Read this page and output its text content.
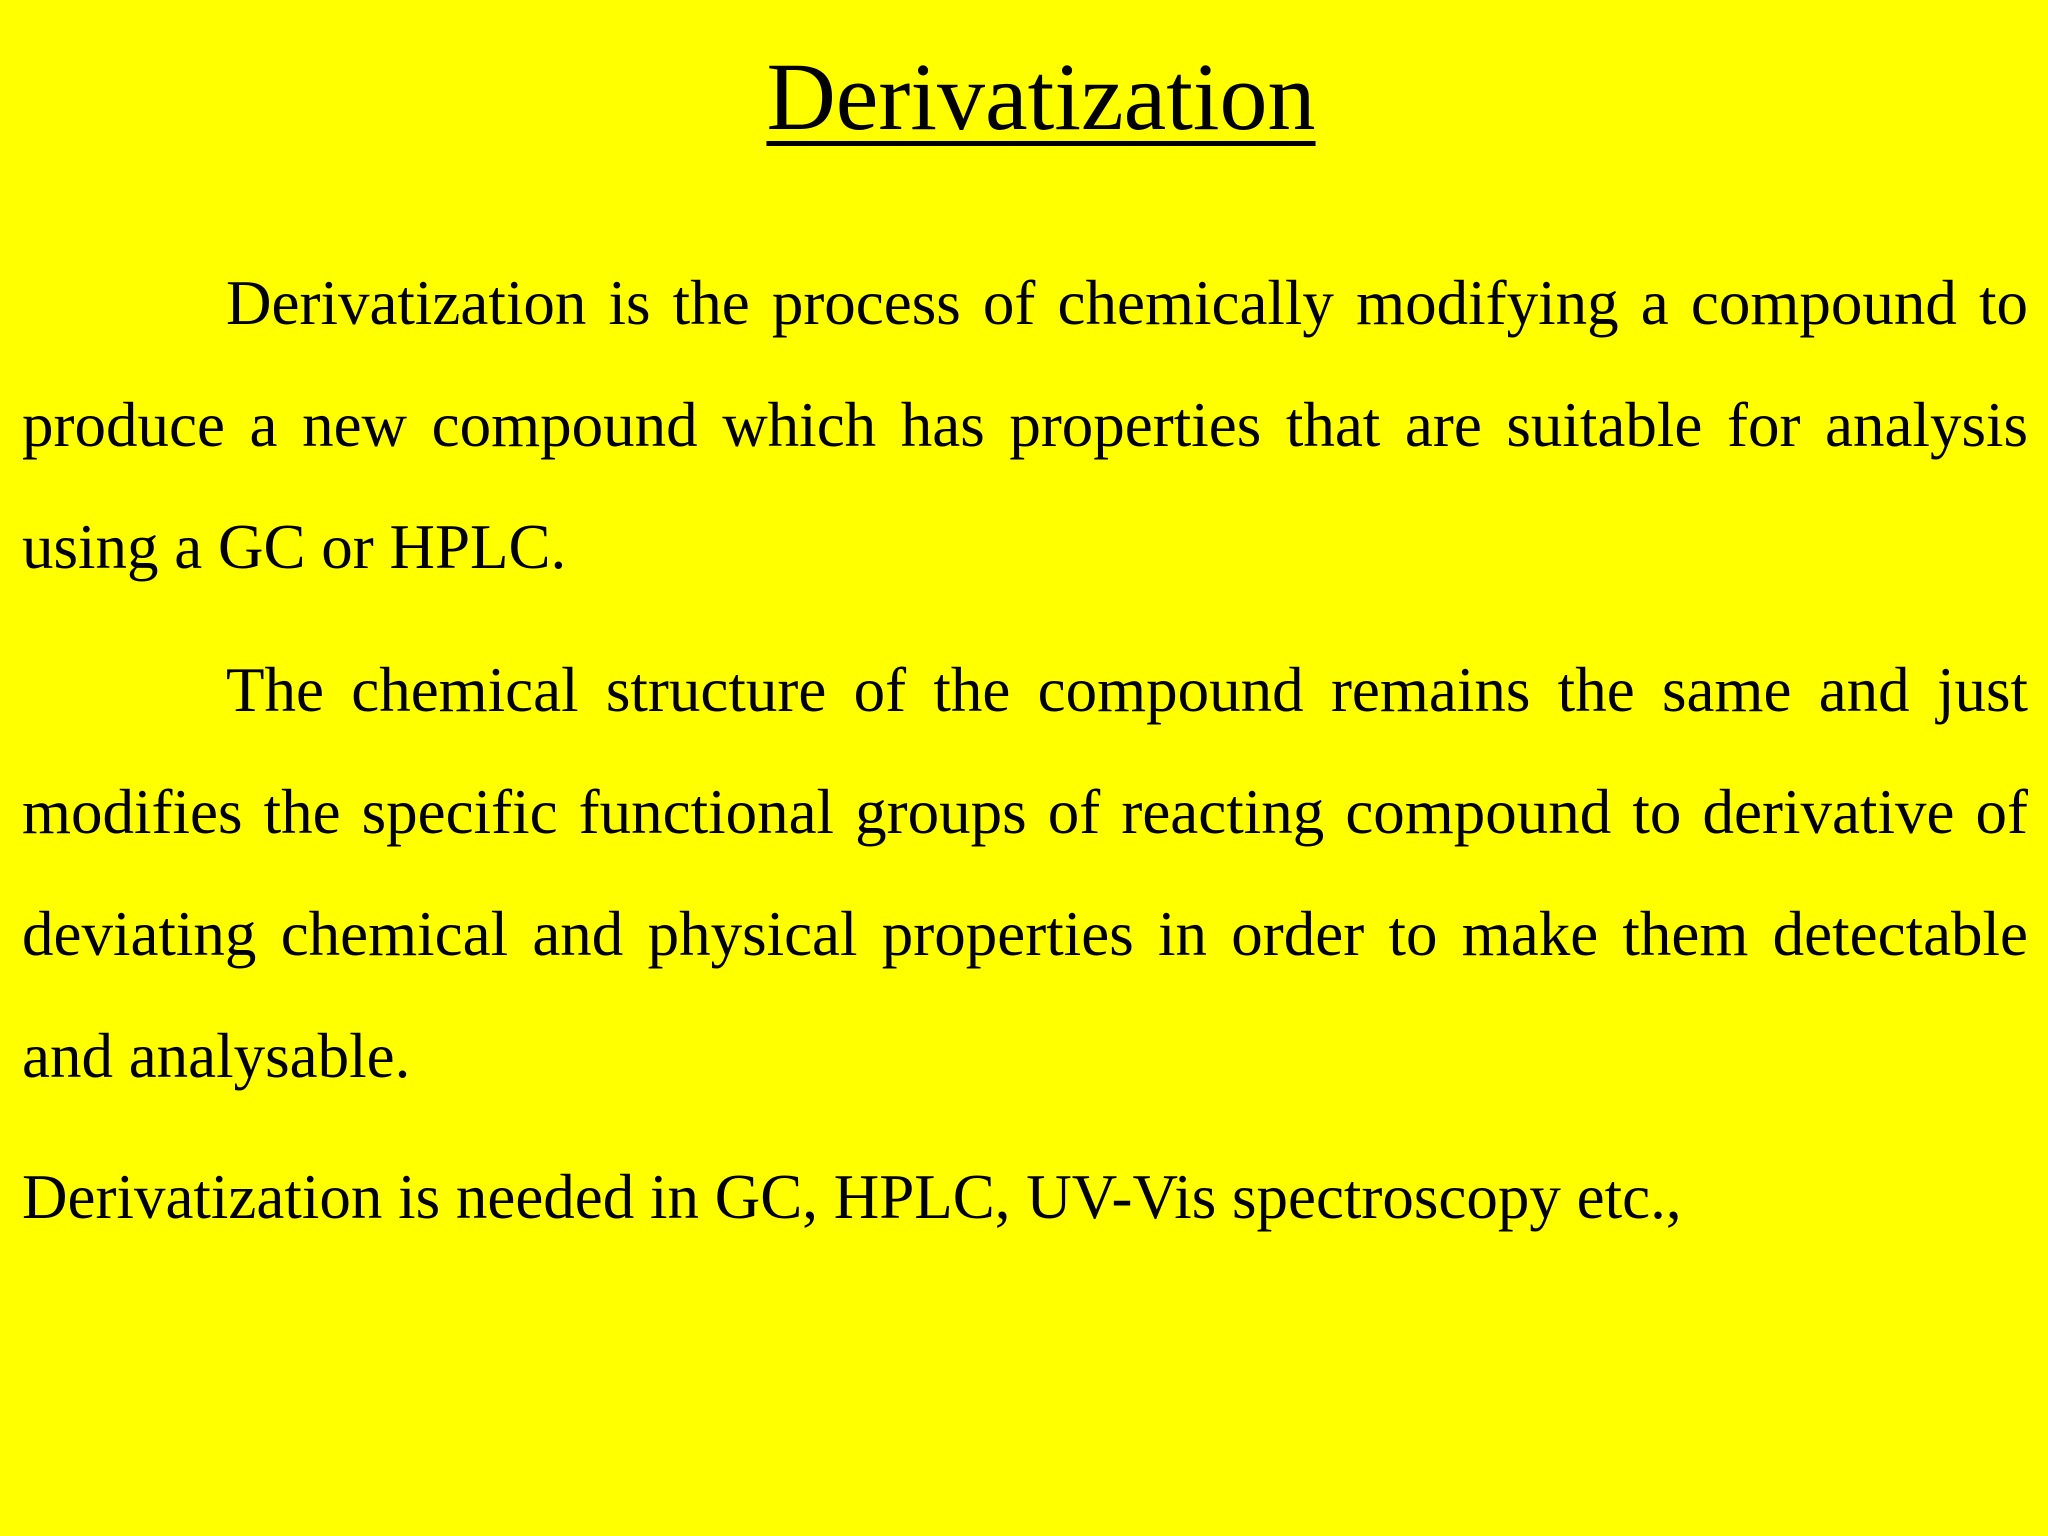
Derivatization

Derivatization is the process of chemically modifying a compound to produce a new compound which has properties that are suitable for analysis using a GC or HPLC.

The chemical structure of the compound remains the same and just modifies the specific functional groups of reacting compound to derivative of deviating chemical and physical properties in order to make them detectable and analysable.

Derivatization is needed in GC, HPLC, UV-Vis spectroscopy etc.,
